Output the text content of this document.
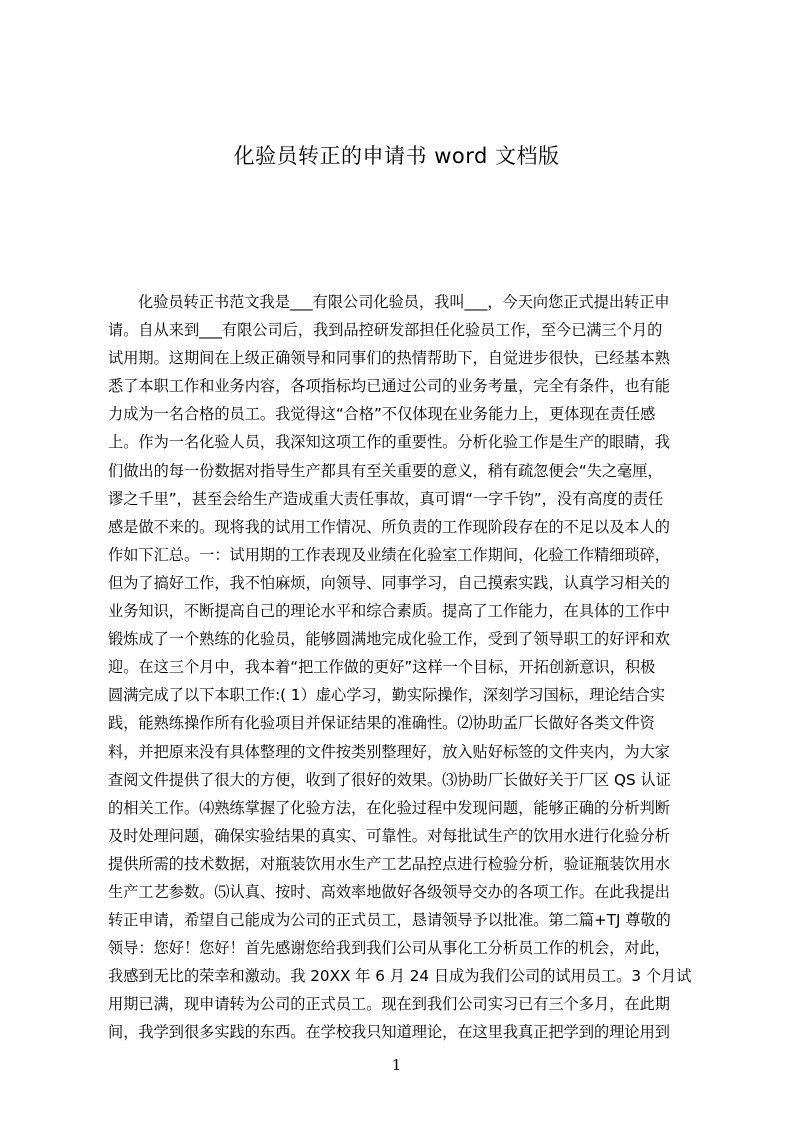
化验员转正的申请书 word 文档版
化验员转正书范文我是___有限公司化验员，我叫___，今天向您正式提出转正申
请。自从来到___有限公司后，我到品控研发部担任化验员工作，至今已满三个月的
试用期。这期间在上级正确领导和同事们的热情帮助下，自觉进步很快，已经基本熟
悉了本职工作和业务内容，各项指标均已通过公司的业务考量，完全有条件，也有能
力成为一名合格的员工。我觉得这“合格”不仅体现在业务能力上，更体现在责任感
上。作为一名化验人员，我深知这项工作的重要性。分析化验工作是生产的眼睛，我
们做出的每一份数据对指导生产都具有至关重要的意义，稍有疏忽便会“失之毫厘，
谬之千里”，甚至会给生产造成重大责任事故，真可谓“一字千钧”，没有高度的责任
感是做不来的。现将我的试用工作情况、所负责的工作现阶段存在的不足以及本人的
作如下汇总。一：试用期的工作表现及业绩在化验室工作期间，化验工作精细琐碎，
但为了搞好工作，我不怕麻烦，向领导、同事学习，自己摸索实践，认真学习相关的
业务知识，不断提高自己的理论水平和综合素质。提高了工作能力，在具体的工作中
锻炼成了一个熟练的化验员，能够圆满地完成化验工作，受到了领导职工的好评和欢
迎。在这三个月中，我本着“把工作做的更好”这样一个目标，开拓创新意识，积极
圆满完成了以下本职工作:( 1）虚心学习，勤实际操作，深刻学习国标，理论结合实
践，能熟练操作所有化验项目并保证结果的准确性。⑵协助孟厂长做好各类文件资
料，并把原来没有具体整理的文件按类别整理好，放入贴好标签的文件夹内，为大家
查阅文件提供了很大的方便，收到了很好的效果。⑶协助厂长做好关于厂区 QS 认证
的相关工作。⑷熟练掌握了化验方法，在化验过程中发现问题，能够正确的分析判断
及时处理问题，确保实验结果的真实、可靠性。对每批试生产的饮用水进行化验分析
提供所需的技术数据，对瓶装饮用水生产工艺品控点进行检验分析，验证瓶装饮用水
生产工艺参数。⑸认真、按时、高效率地做好各级领导交办的各项工作。在此我提出
转正申请，希望自己能成为公司的正式员工，恳请领导予以批准。第二篇+TJ 尊敬的
领导：您好！您好！首先感谢您给我到我们公司从事化工分析员工作的机会，对此，
我感到无比的荣幸和激动。我 20XX 年 6 月 24 日成为我们公司的试用员工。3 个月试
用期已满，现申请转为公司的正式员工。现在到我们公司实习已有三个多月，在此期
间，我学到很多实践的东西。在学校我只知道理论，在这里我真正把学到的理论用到
1
